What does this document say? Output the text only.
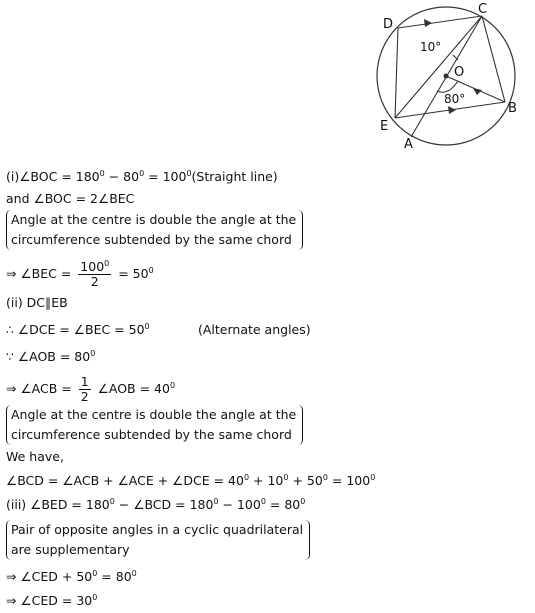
D
C
O
B
E
A
10°
80°
(i)∠BOC = $180^0 - 80^0$ = $100^0(Straight$ line)
and ∠BOC = 2∠BEC
Angle at the centre is double the angle at the
circumference subtended by the same chord
⇒ ∠BEC = $\frac{100^0}{2} = 50^0$
(ii) DC∥EB
∴ ∠DCE = ∠BEC = $50^0$	(Alternate angles)
∵ ∠AOB = $80^0$
⇒ ∠ACB = $\frac{1}{2}$ ∠AOB = $40^0$
Angle at the centre is double the angle at the
circumference subtended by the same chord
We have,
∠BCD = ∠ACB + ∠ACE + ∠DCE = $40^0 + 10^0 + 50^0 = 100^0$
(iii) ∠BED = $180^0$ − ∠BCD = $180^0 - 100^0 = 80^0$
Pair of opposite angles in a cyclic quadrilateral
are supplementary
⇒ ∠CED + $50^0 = 80^0$
⇒ ∠CED = $30^0$
